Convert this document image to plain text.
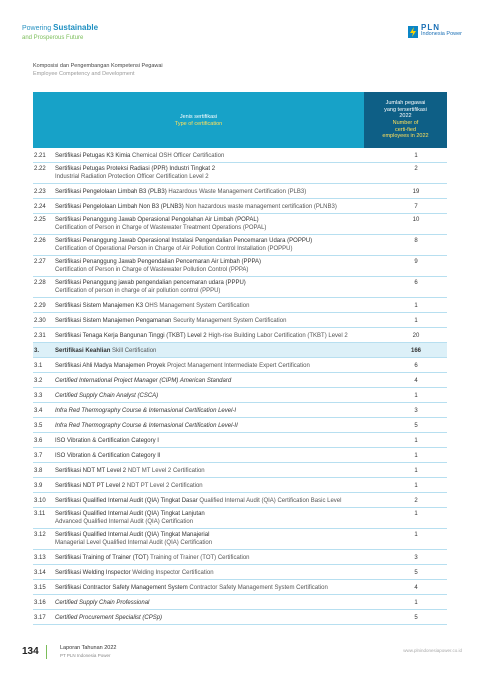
Powering Sustainable
and Prosperous Future
PLN
Indonesia Power
Komposisi dan Pengembangan Kompetensi Pegawai
Employee Competency and Development
Jenis sertifikasi
Type of certification
Jumlah pegawai
yang tersertifikasi
2022
Number of
certi-fied
employees in 2022
2.21	Sertifikasi Petugas K3 Kimia Chemical OSH Officer Certification	1
2.22	Sertifikasi Petugas Proteksi Radiasi (PPR) Industri Tingkat 2
Industrial Radiation Protection Officer Certification Level 2
2
2.23	Sertifikasi Pengelolaan Limbah B3 (PLB3) Hazardous Waste Management Certification (PLB3)	19
2.24	Sertifikasi Pengelolaan Limbah Non B3 (PLNB3) Non hazardous waste management certification (PLNB3)	7
2.25	Sertifikasi Penanggung Jawab Operasional Pengolahan Air Limbah (POPAL)
Certification of Person in Charge of Wastewater Treatment Operations (POPAL)
10
2.26	Sertifikasi Penanggung Jawab Operasional Instalasi Pengendalian Pencemaran Udara (POPPU)
Certification of Operational Person in Charge of Air Pollution Control Installation (POPPU)
8
2.27	Sertifikasi Penanggung Jawab Pengendalian Pencemaran Air Limbah (PPPA)
Certification of Person in Charge of Wastewater Pollution Control (PPPA)
9
2.28	Sertifikasi Penanggung jawab pengendalian pencemaran udara (PPPU)
Certification of person in charge of air pollution control (PPPU)
6
2.29	Sertifikasi Sistem Manajemen K3 OHS Management System Certification	1
2.30	Sertifikasi Sistem Manajemen Pengamanan Security Management System Certification	1
2.31	Sertifikasi Tenaga Kerja Bangunan Tinggi (TKBT) Level 2 High-rise Building Labor Certification (TKBT) Level 2	20
3.	Sertifikasi Keahlian Skill Certification	166
3.1	Sertifikasi Ahli Madya Manajemen Proyek Project Management Intermediate Expert Certification	6
3.2	Certified International Project Manager (CIPM) American Standard	4
3.3	Certified Supply Chain Analyst (CSCA)	1
3.4	Infra Red Thermography Course & Internasional Certification Level-I	3
3.5	Infra Red Thermography Course & Internasional Certification Level-II	5
3.6	ISO Vibration & Certification Category I	1
3.7	ISO Vibration & Certification Category II	1
3.8	Sertifikasi NDT MT Level 2 NDT MT Level 2 Certification	1
3.9	Sertifikasi NDT PT Level 2 NDT PT Level 2 Certification	1
3.10	Sertifikasi Qualified Internal Audit (QIA) Tingkat Dasar Qualified Internal Audit (QIA) Certification Basic Level	2
3.11	Sertifikasi Qualified Internal Audit (QIA) Tingkat Lanjutan
Advanced Qualified Internal Audit (QIA) Certification
1
3.12	Sertifikasi Qualified Internal Audit (QIA) Tingkat Manajerial
Managerial Level Qualified Internal Audit (QIA) Certification
1
3.13	Sertifikasi Training of Trainer (TOT) Training of Trainer (TOT) Certification	3
3.14	Sertifikasi Welding Inspector Welding Inspector Certification	5
3.15	Sertifikasi Contractor Safety Management System Contractor Safety Management System Certification	4
3.16	Certified Supply Chain Professional	1
3.17	Certified Procurement Specialist (CPSp)	5
134	Laporan Tahunan 2022
PT PLN Indonesia Power
www.plnindonesiapower.co.id
